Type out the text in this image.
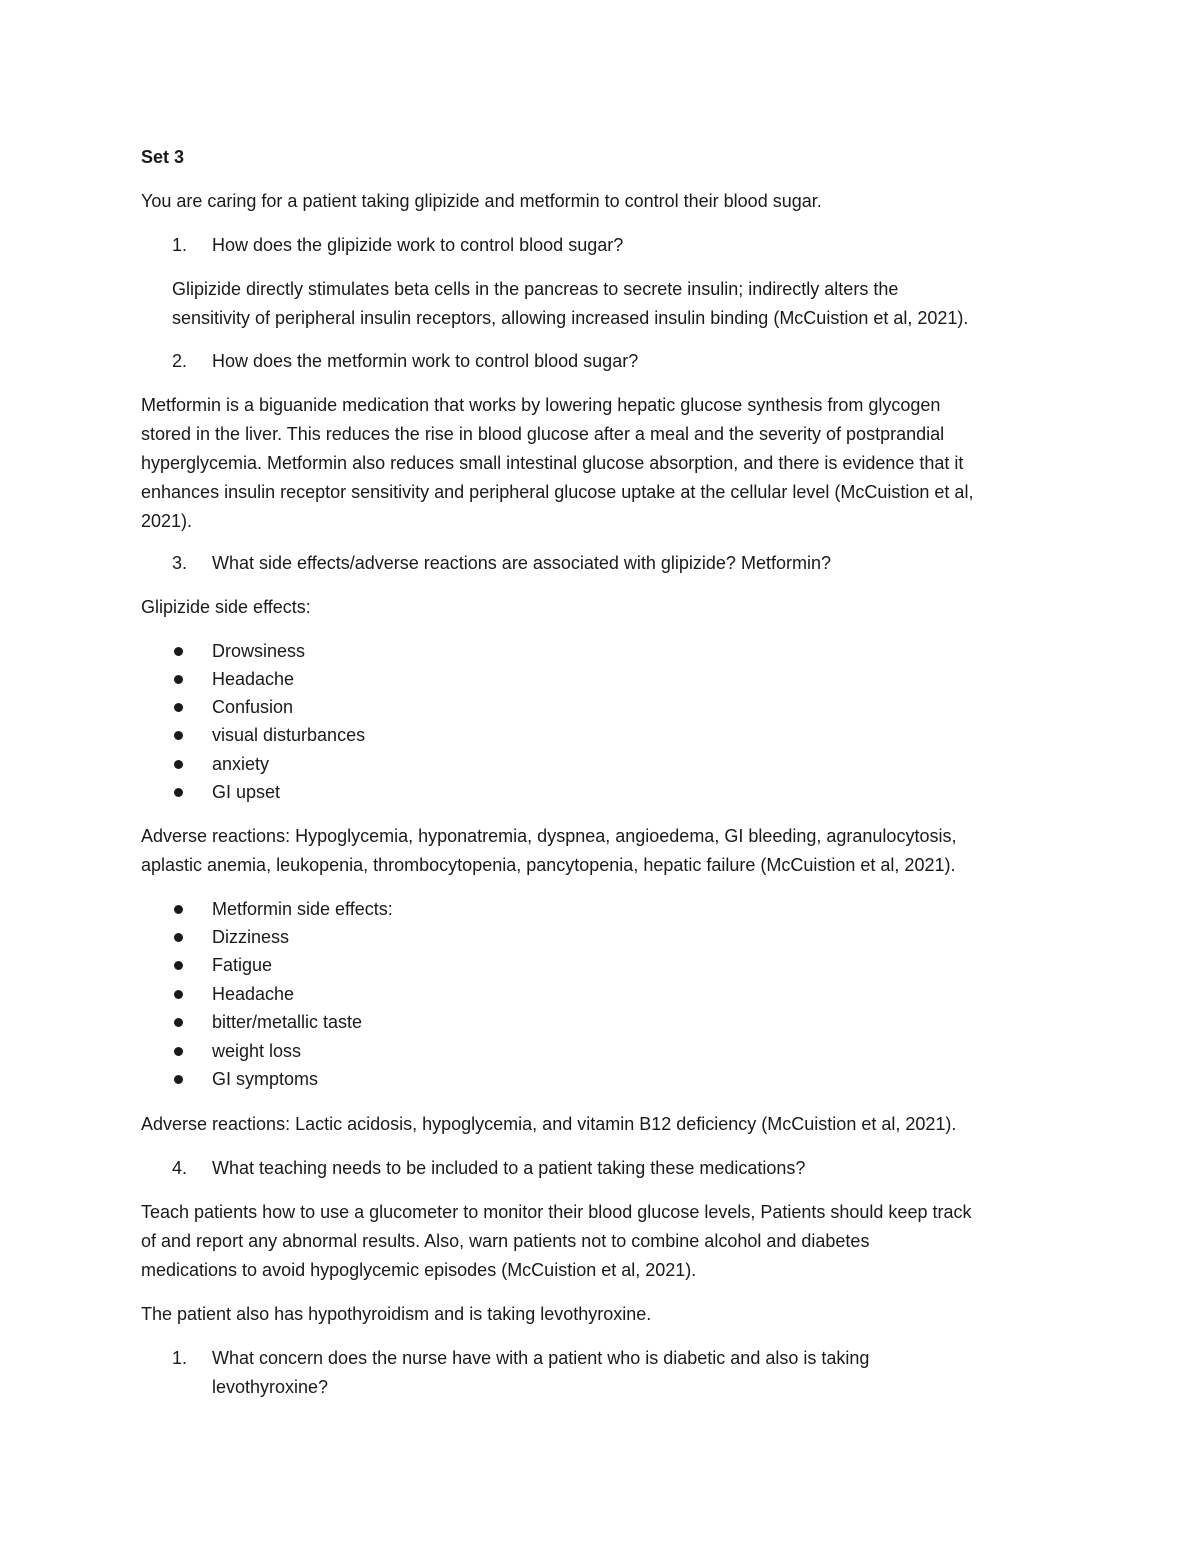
Set 3

You are caring for a patient taking glipizide and metformin to control their blood sugar.

1. How does the glipizide work to control blood sugar?

Glipizide directly stimulates beta cells in the pancreas to secrete insulin; indirectly alters the

sensitivity of peripheral insulin receptors, allowing increased insulin binding (McCuistion et al, 2021).

2. How does the metformin work to control blood sugar?

Metformin is a biguanide medication that works by lowering hepatic glucose synthesis from glycogen

stored in the liver. This reduces the rise in blood glucose after a meal and the severity of postprandial

hyperglycemia. Metformin also reduces small intestinal glucose absorption, and there is evidence that it

enhances insulin receptor sensitivity and peripheral glucose uptake at the cellular level (McCuistion et al,

2021).

3. What side effects/adverse reactions are associated with glipizide? Metformin?

Glipizide side effects:

Drowsiness
Headache
Confusion
visual disturbances
anxiety
GI upset

Adverse reactions: Hypoglycemia, hyponatremia, dyspnea, angioedema, GI bleeding, agranulocytosis,

aplastic anemia, leukopenia, thrombocytopenia, pancytopenia, hepatic failure (McCuistion et al, 2021).

Metformin side effects:
Dizziness
Fatigue
Headache
bitter/metallic taste
weight loss
GI symptoms

Adverse reactions: Lactic acidosis, hypoglycemia, and vitamin B12 deficiency (McCuistion et al, 2021).

4. What teaching needs to be included to a patient taking these medications?

Teach patients how to use a glucometer to monitor their blood glucose levels, Patients should keep track

of and report any abnormal results. Also, warn patients not to combine alcohol and diabetes

medications to avoid hypoglycemic episodes (McCuistion et al, 2021).

The patient also has hypothyroidism and is taking levothyroxine.

1. What concern does the nurse have with a patient who is diabetic and also is taking
levothyroxine?
